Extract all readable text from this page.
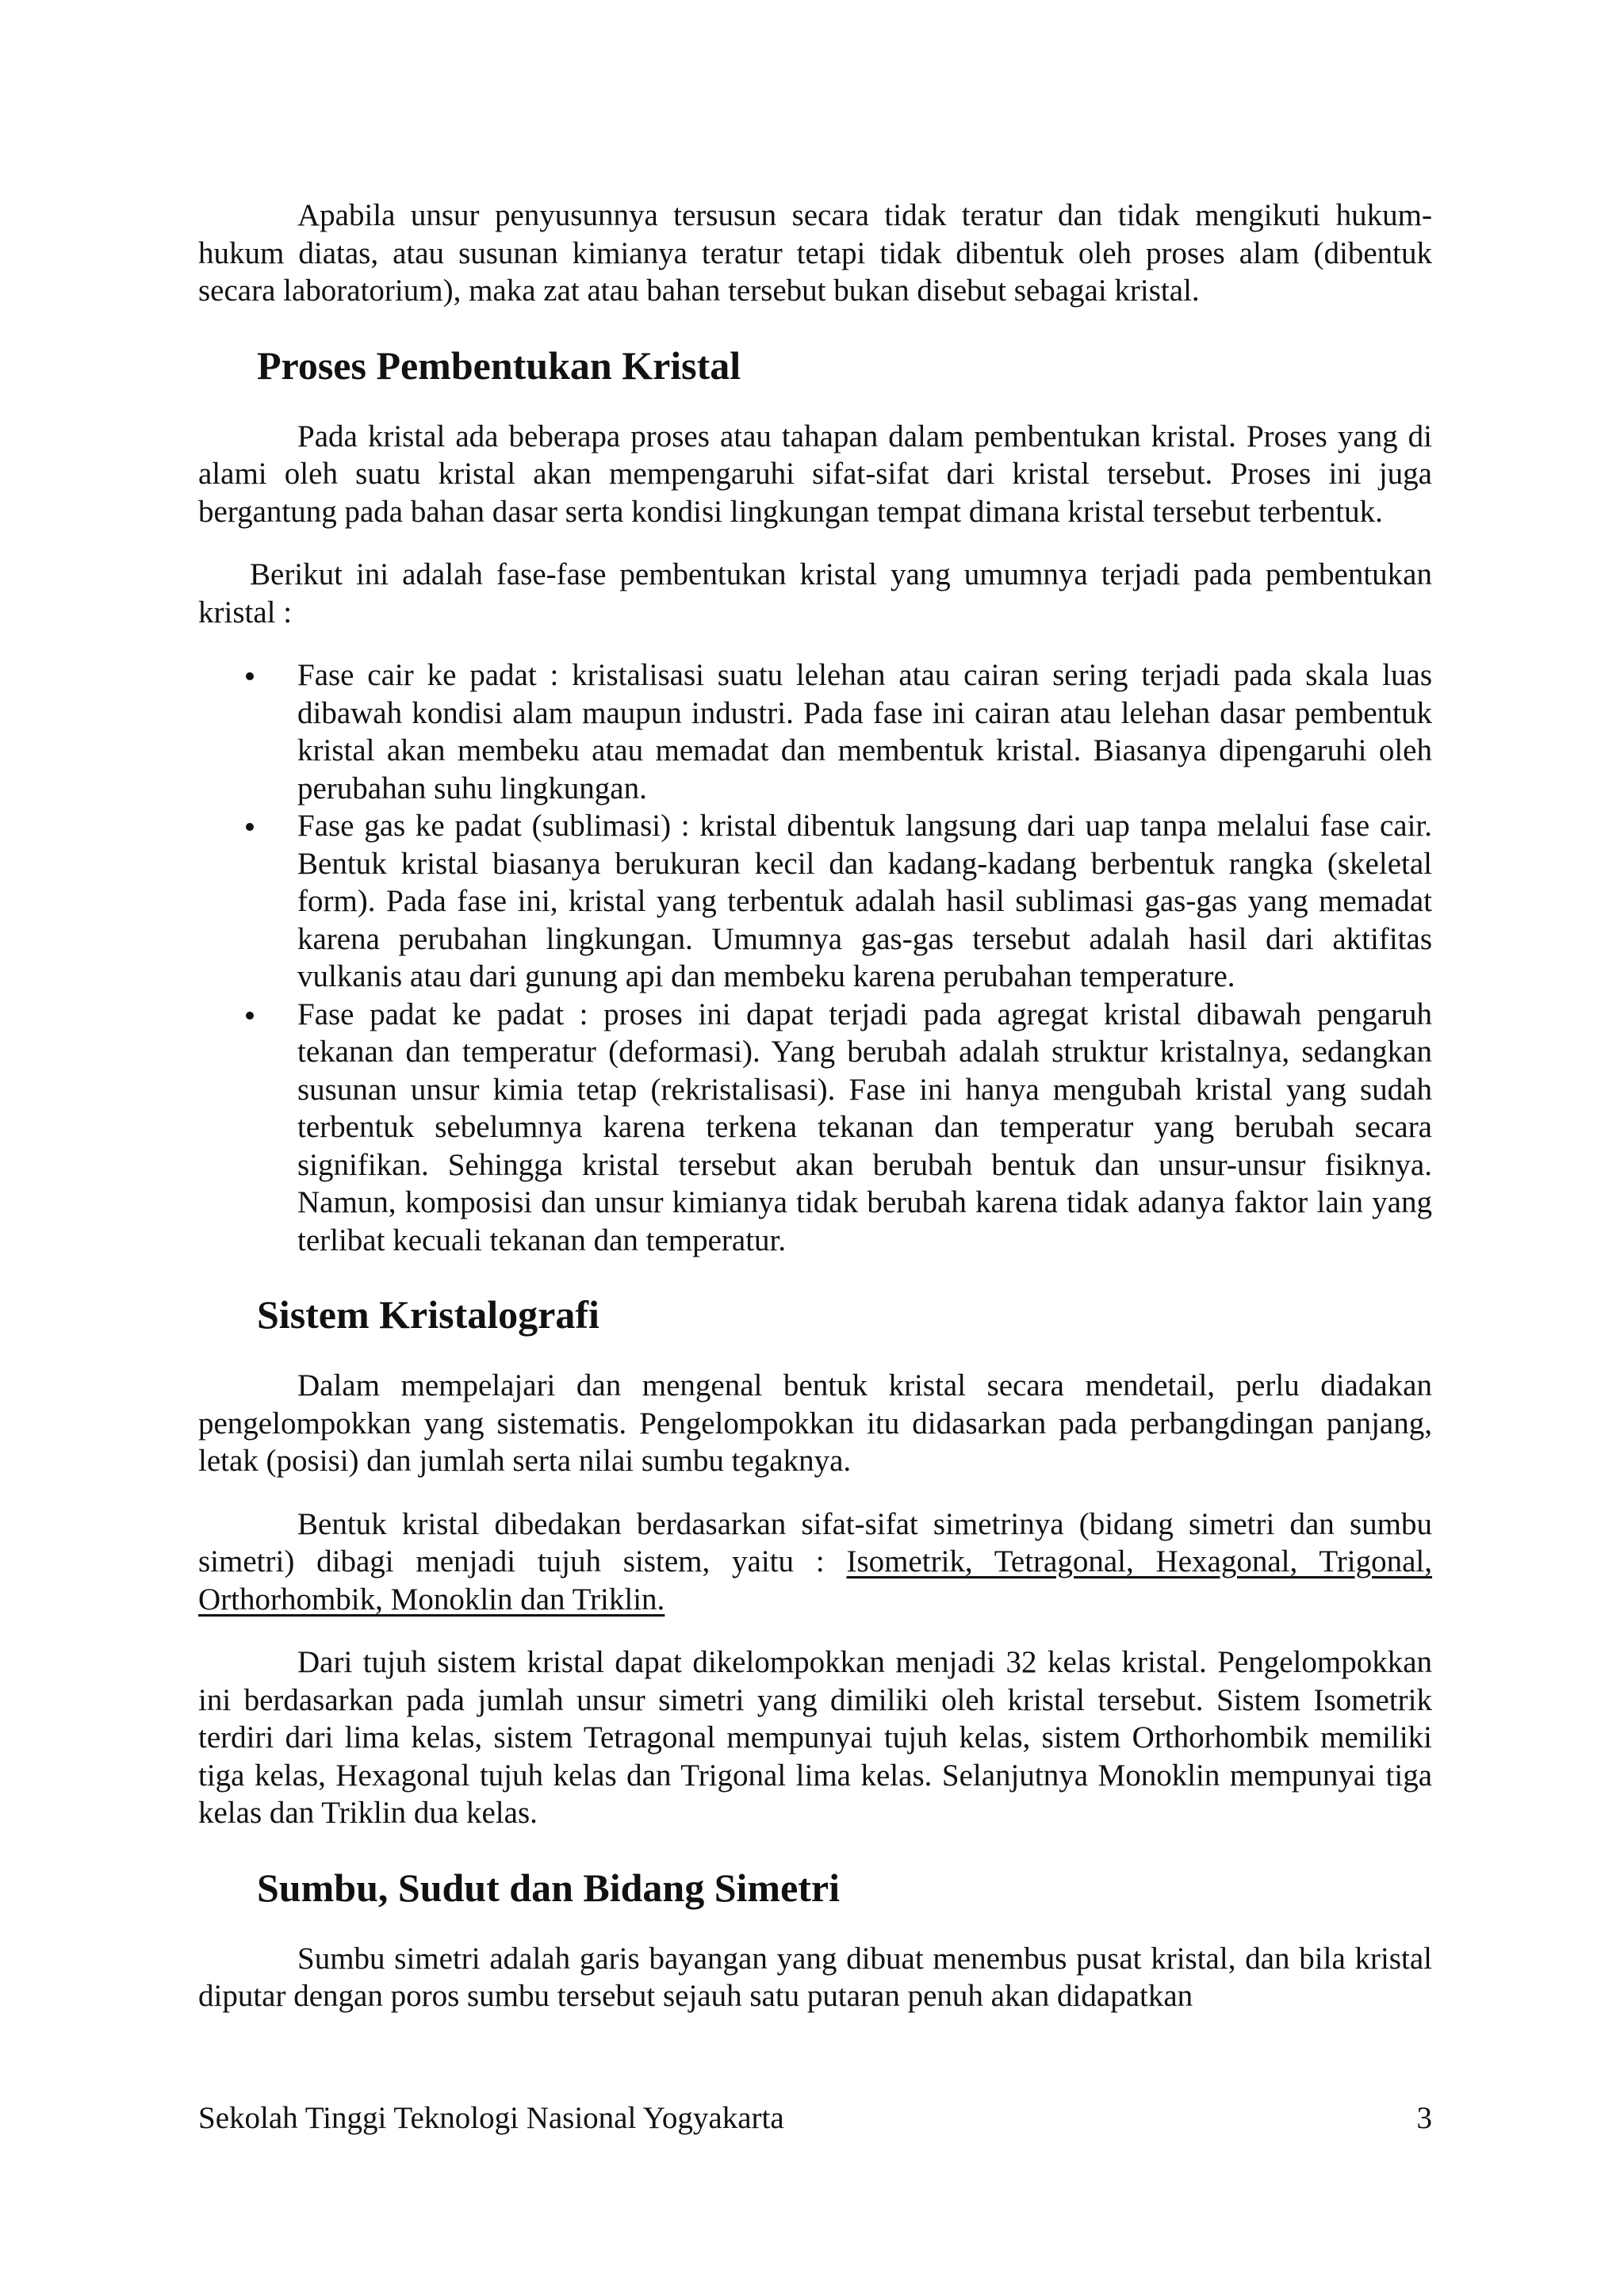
Apabila unsur penyusunnya tersusun secara tidak teratur dan tidak mengikuti hukum-hukum diatas, atau susunan kimianya teratur tetapi tidak dibentuk oleh proses alam (dibentuk secara laboratorium), maka zat atau bahan tersebut bukan disebut sebagai kristal.

Proses Pembentukan Kristal

Pada kristal ada beberapa proses atau tahapan dalam pembentukan kristal. Proses yang di alami oleh suatu kristal akan mempengaruhi sifat-sifat dari kristal tersebut. Proses ini juga bergantung pada bahan dasar serta kondisi lingkungan tempat dimana kristal tersebut terbentuk.

Berikut ini adalah fase-fase pembentukan kristal yang umumnya terjadi pada pembentukan kristal :

Fase cair ke padat : kristalisasi suatu lelehan atau cairan sering terjadi pada skala luas dibawah kondisi alam maupun industri. Pada fase ini cairan atau lelehan dasar pembentuk kristal akan membeku atau memadat dan membentuk kristal. Biasanya dipengaruhi oleh perubahan suhu lingkungan.
Fase gas ke padat (sublimasi) : kristal dibentuk langsung dari uap tanpa melalui fase cair. Bentuk kristal biasanya berukuran kecil dan kadang-kadang berbentuk rangka (skeletal form). Pada fase ini, kristal yang terbentuk adalah hasil sublimasi gas-gas yang memadat karena perubahan lingkungan. Umumnya gas-gas tersebut adalah hasil dari aktifitas vulkanis atau dari gunung api dan membeku karena perubahan temperature.
Fase padat ke padat : proses ini dapat terjadi pada agregat kristal dibawah pengaruh tekanan dan temperatur (deformasi). Yang berubah adalah struktur kristalnya, sedangkan susunan unsur kimia tetap (rekristalisasi). Fase ini hanya mengubah kristal yang sudah terbentuk sebelumnya karena terkena tekanan dan temperatur yang berubah secara signifikan. Sehingga kristal tersebut akan berubah bentuk dan unsur-unsur fisiknya. Namun, komposisi dan unsur kimianya tidak berubah karena tidak adanya faktor lain yang terlibat kecuali tekanan dan temperatur.
Sistem Kristalografi

Dalam mempelajari dan mengenal bentuk kristal secara mendetail, perlu diadakan pengelompokkan yang sistematis. Pengelompokkan itu didasarkan pada perbangdingan panjang, letak (posisi) dan jumlah serta nilai sumbu tegaknya.

Bentuk kristal dibedakan berdasarkan sifat-sifat simetrinya (bidang simetri dan sumbu simetri) dibagi menjadi tujuh sistem, yaitu : Isometrik, Tetragonal, Hexagonal, Trigonal, Orthorhombik, Monoklin dan Triklin.

Dari tujuh sistem kristal dapat dikelompokkan menjadi 32 kelas kristal. Pengelompokkan ini berdasarkan pada jumlah unsur simetri yang dimiliki oleh kristal tersebut. Sistem Isometrik terdiri dari lima kelas, sistem Tetragonal mempunyai tujuh kelas, sistem Orthorhombik memiliki tiga kelas, Hexagonal tujuh kelas dan Trigonal lima kelas. Selanjutnya Monoklin mempunyai tiga kelas dan Triklin dua kelas.

Sumbu, Sudut dan Bidang Simetri

Sumbu simetri adalah garis bayangan yang dibuat menembus pusat kristal, dan bila kristal diputar dengan poros sumbu tersebut sejauh satu putaran penuh akan didapatkan

Sekolah Tinggi Teknologi Nasional Yogyakarta	3
